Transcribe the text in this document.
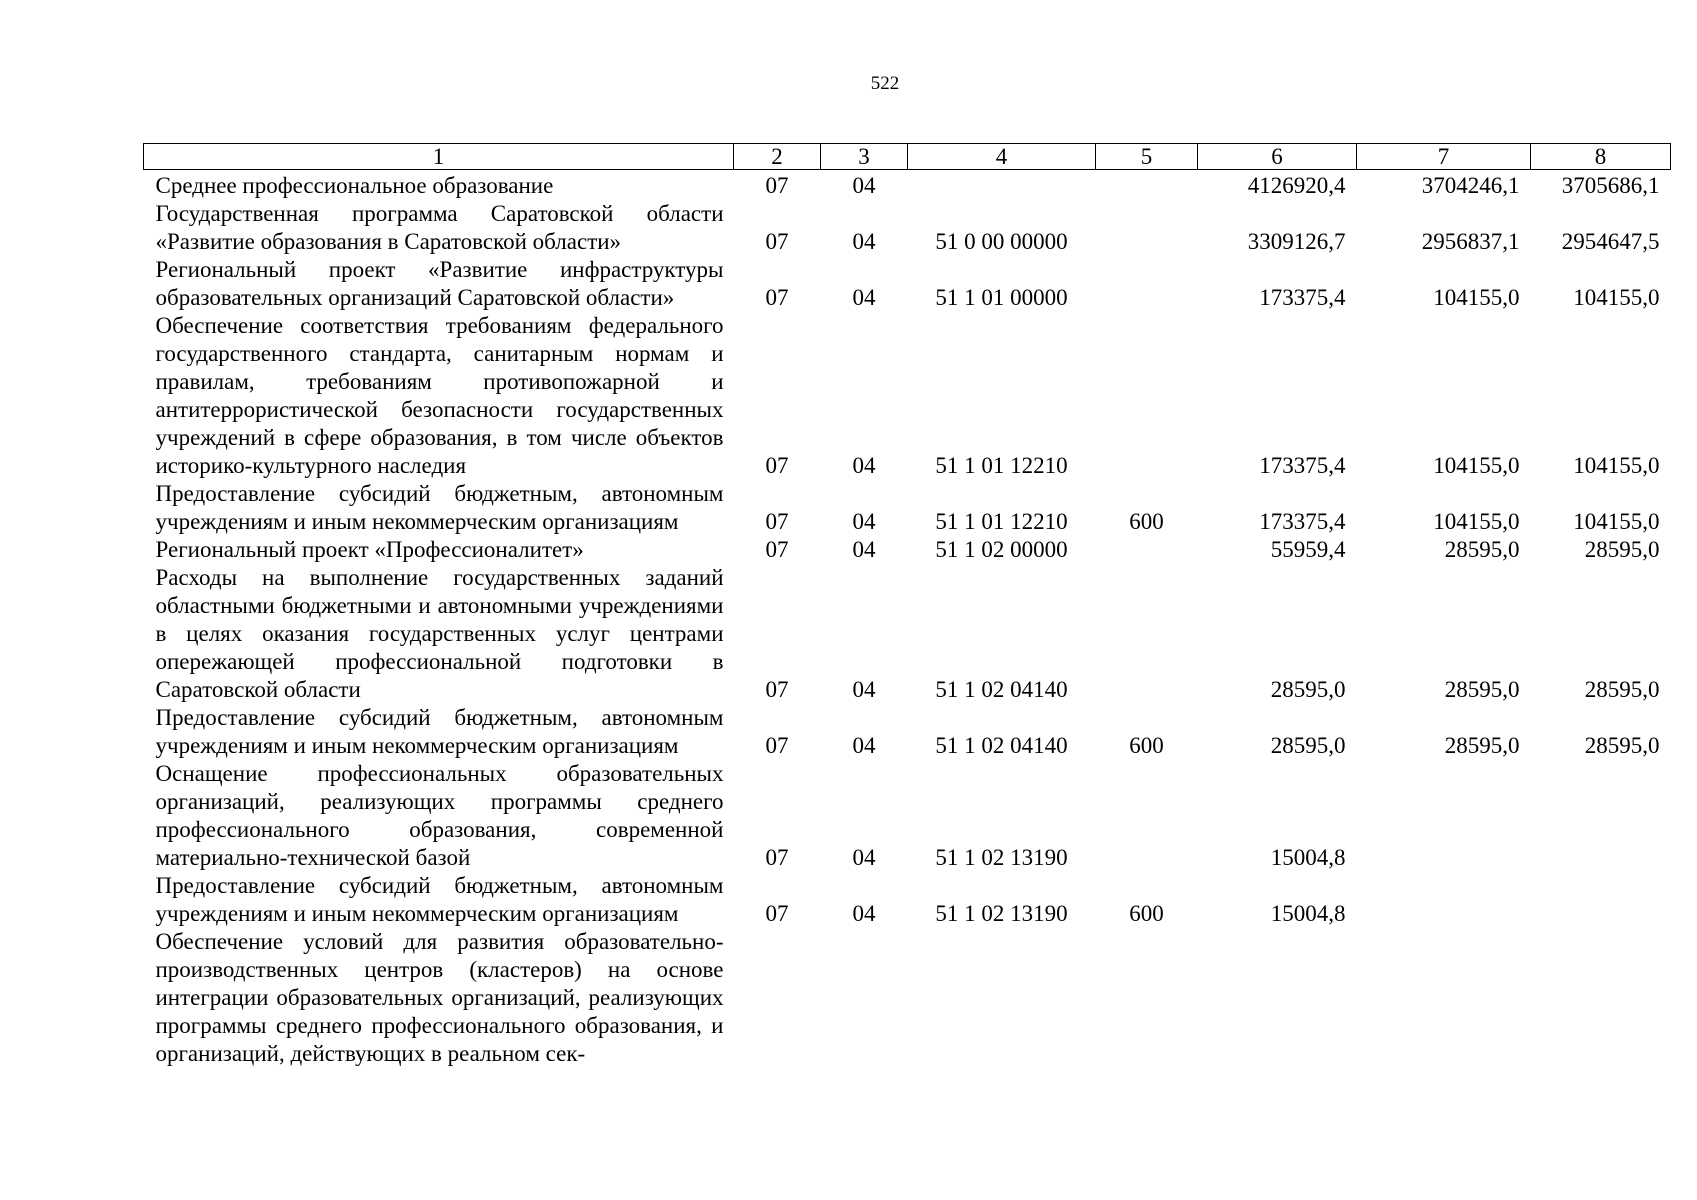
522
1	2	3	4	5	6	7	8
Среднее профессиональное образование	07	04			4126920,4	3704246,1	3705686,1
Государственная программа Саратовской области «Развитие образования в Саратовской области»	07	04	51 0 00 00000		3309126,7	2956837,1	2954647,5
Региональный проект «Развитие инфраструктуры образовательных организаций Саратовской области»	07	04	51 1 01 00000		173375,4	104155,0	104155,0
Обеспечение соответствия требованиям федерального государственного стандарта, санитарным нормам и правилам, требованиям противопожарной и антитеррористической безопасности государственных учреждений в сфере образования, в том числе объектов историко-культурного наследия	07	04	51 1 01 12210		173375,4	104155,0	104155,0
Предоставление субсидий бюджетным, автономным учреждениям и иным некоммерческим организациям	07	04	51 1 01 12210	600	173375,4	104155,0	104155,0
Региональный проект «Профессионалитет»	07	04	51 1 02 00000		55959,4	28595,0	28595,0
Расходы на выполнение государственных заданий областными бюджетными и автономными учреждениями в целях оказания государственных услуг центрами опережающей профессиональной подготовки в Саратовской области	07	04	51 1 02 04140		28595,0	28595,0	28595,0
Предоставление субсидий бюджетным, автономным учреждениям и иным некоммерческим организациям	07	04	51 1 02 04140	600	28595,0	28595,0	28595,0
Оснащение профессиональных образовательных организаций, реализующих программы среднего профессионального образования, современной материально-технической базой	07	04	51 1 02 13190		15004,8		
Предоставление субсидий бюджетным, автономным учреждениям и иным некоммерческим организациям	07	04	51 1 02 13190	600	15004,8		
Обеспечение условий для развития образовательно-производственных центров (кластеров) на основе интеграции образовательных организаций, реализующих программы среднего профессионального образования, и организаций, действующих в реальном сек-							
